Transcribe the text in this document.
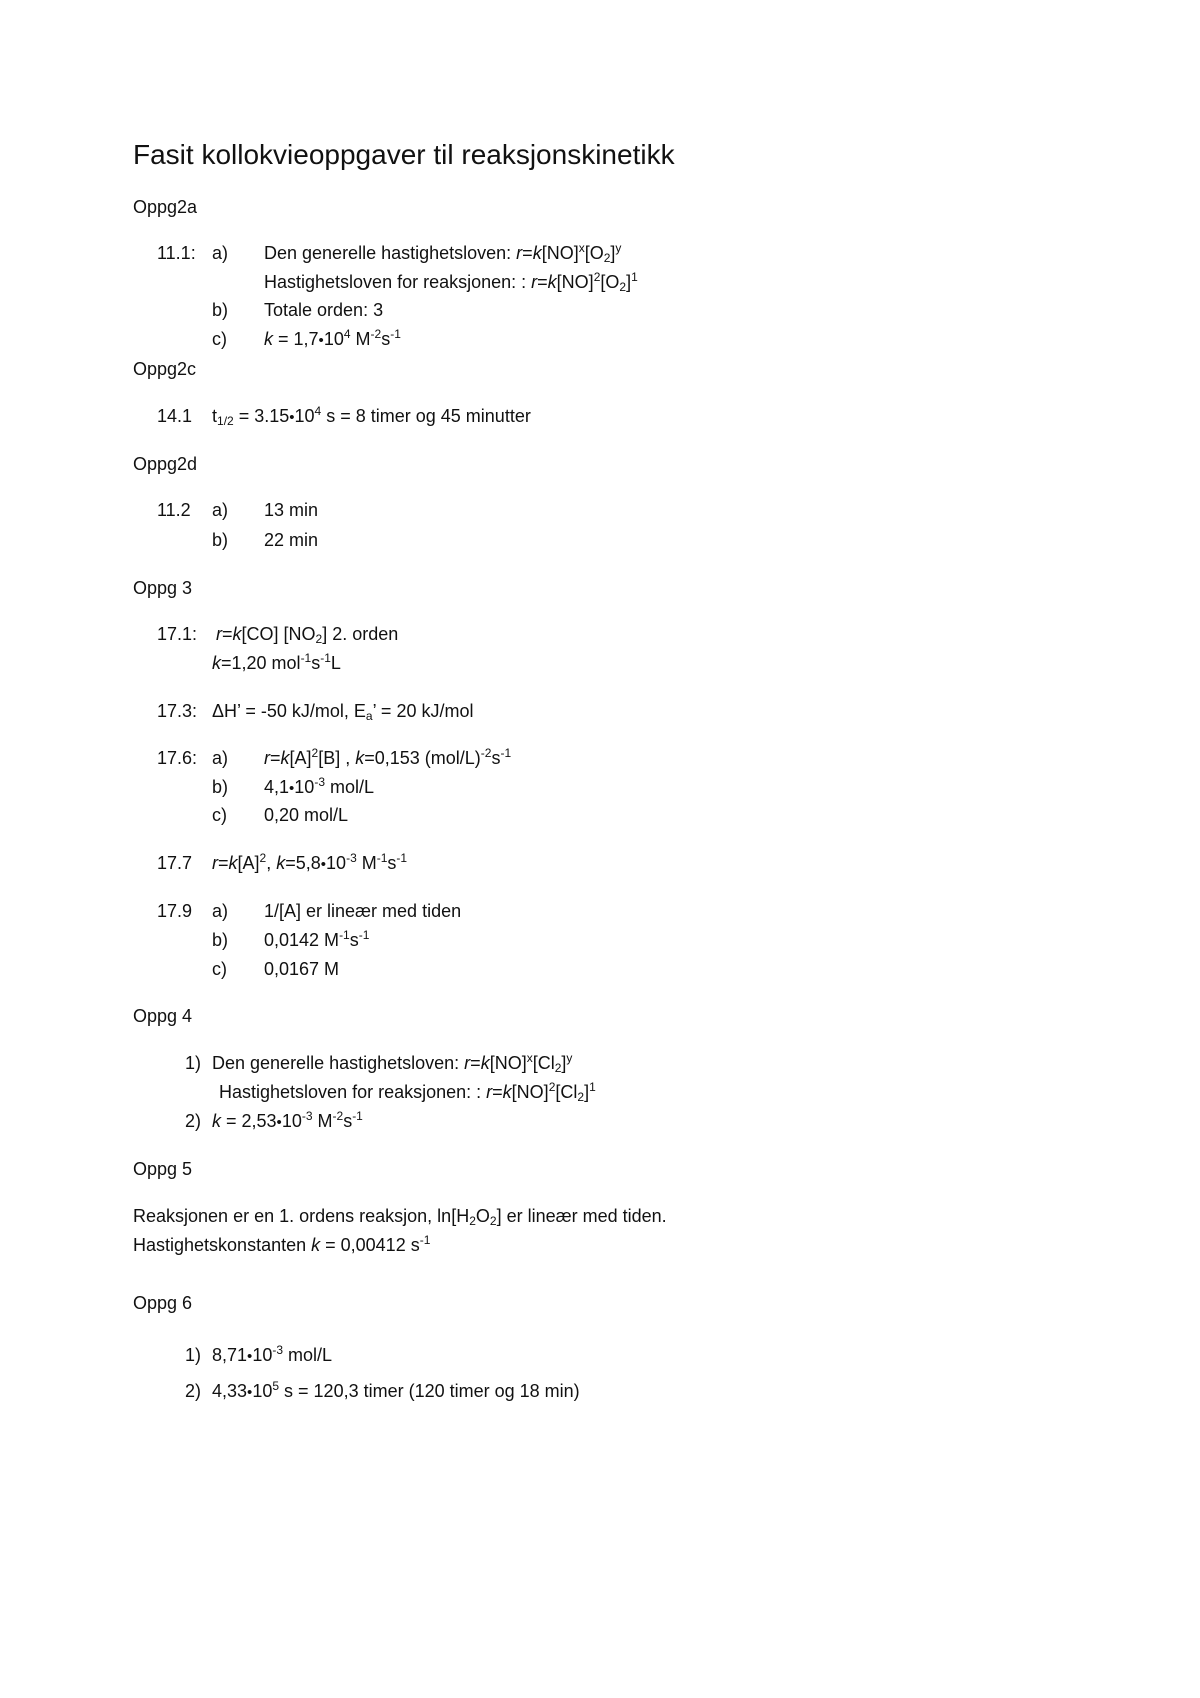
Fasit kollokvieoppgaver til reaksjonskinetikk
Oppg2a
11.1: a) Den generelle hastighetsloven: $r=k[NO]^x[O_2]^y$
Hastighetsloven for reaksjonen: : $r=k[NO]^2[O_2]^1$
b) Totale orden: 3
c) $k = 1,7•10^4$ $M^{-2}s^{-1}$
Oppg2c
14.1 $t_{1/2}$ = $3.15•10^4$ s = 8 timer og 45 minutter
Oppg2d
11.2 a) 13 min
b) 22 min
Oppg 3
17.1: r=k[CO] $[NO_2]$ 2. orden
k=1,20 $mol^{-1}s^{-1}L$
17.3: ΔH’ = -50 kJ/mol, $E_a$’ = 20 kJ/mol
17.6: a) $r=k[A]^2[B]$ , k=0,153 $(mol/L)^{-2}s^{-1}$
b) $4,1•10^{-3}$ mol/L
c) 0,20 mol/L
17.7 $r=k[A]^2$, $k=5,8•10^{-3}$ $M^{-1}s^{-1}$
17.9 a) 1/[A] er lineær med tiden
b) 0,0142 $M^{-1}s^{-1}$
c) 0,0167 M
Oppg 4
1) Den generelle hastighetsloven: $r=k[NO]^x[Cl_2]^y$
Hastighetsloven for reaksjonen: : $r=k[NO]^2[Cl_2]^1$
2) $k = 2,53•10^{-3}$ $M^{-2}s^{-1}$
Oppg 5
Reaksjonen er en 1. ordens reaksjon, $\ln[H_2O_2]$ er lineær med tiden.
Hastighetskonstanten k = 0,00412 $s^{-1}$
Oppg 6
1) $8,71•10^{-3}$ mol/L
2) $4,33•10^5$ s = 120,3 timer (120 timer og 18 min)
